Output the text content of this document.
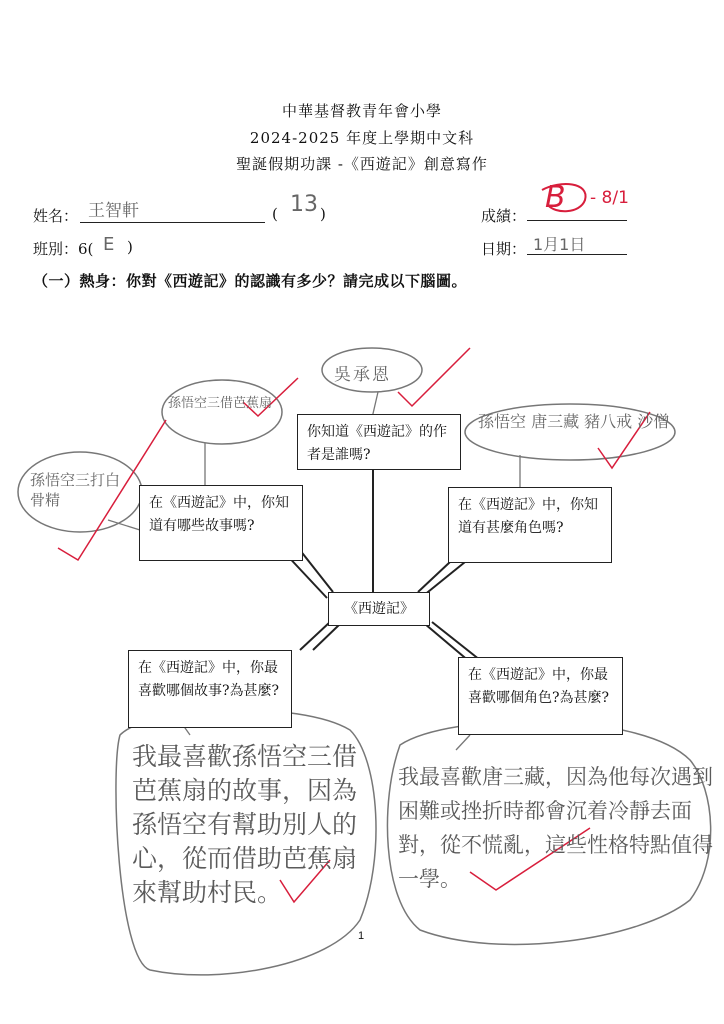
中華基督教青年會小學
2024-2025 年度上學期中文科
聖誕假期功課 -《西遊記》創意寫作
姓名： 王智軒	( 13 )	成績：
B - 8/1
班別：6( E )	日期： 1月1日
（一）熱身：你對《西遊記》的認識有多少？請完成以下腦圖。
你知道《西遊記》的作者是誰嗎?
在《西遊記》中，你知道有哪些故事嗎?
在《西遊記》中，你知道有甚麼角色嗎?
《西遊記》
在《西遊記》中，你最喜歡哪個故事?為甚麼?
在《西遊記》中，你最喜歡哪個角色?為甚麼?
吳承恩
孫悟空三借芭蕉扇
孫悟空三打白骨精
孫悟空 唐三藏 豬八戒 沙僧
我最喜歡孫悟空三借芭蕉扇的故事，因為孫悟空有幫助別人的心，從而借助芭蕉扇來幫助村民。
我最喜歡唐三藏，因為他每次遇到困難或挫折時都會沉着冷靜去面對，從不慌亂，這些性格特點值得一學。
1
